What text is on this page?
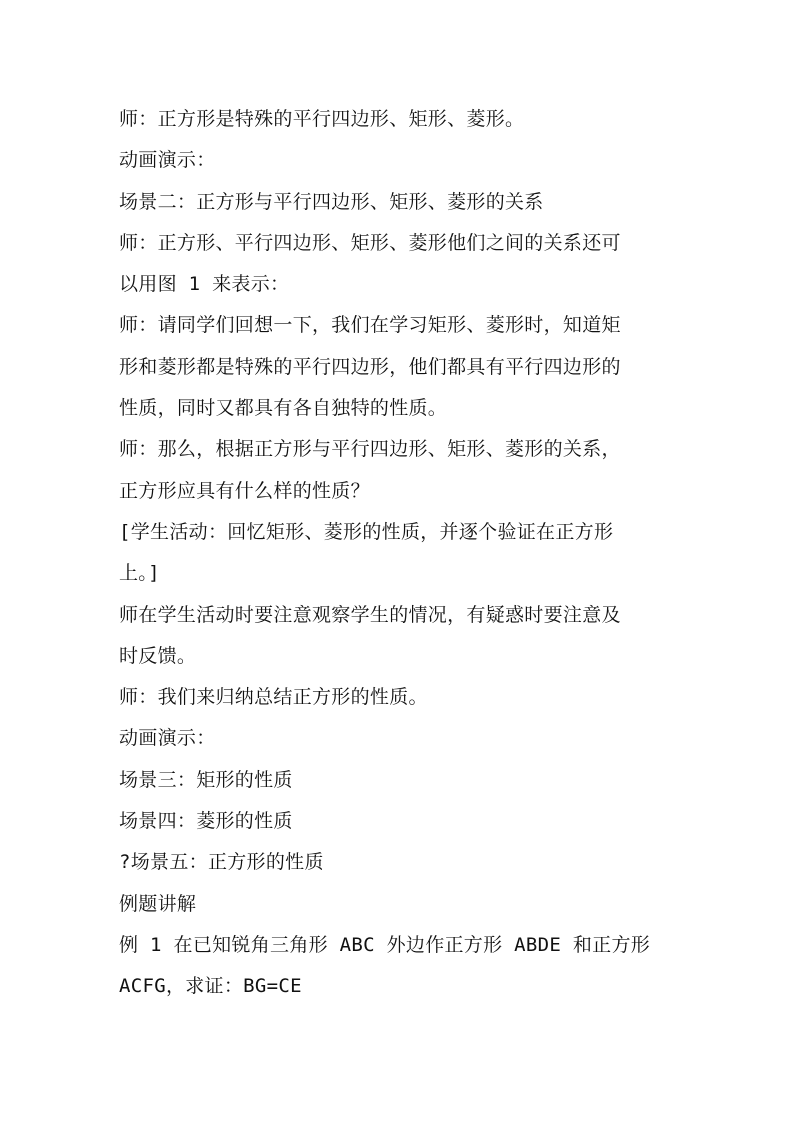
师：正方形是特殊的平行四边形、矩形、菱形。
动画演示：
场景二：正方形与平行四边形、矩形、菱形的关系
师：正方形、平行四边形、矩形、菱形他们之间的关系还可
以用图 1 来表示：
师：请同学们回想一下，我们在学习矩形、菱形时，知道矩
形和菱形都是特殊的平行四边形，他们都具有平行四边形的
性质，同时又都具有各自独特的性质。
师：那么，根据正方形与平行四边形、矩形、菱形的关系，
正方形应具有什么样的性质？
[学生活动：回忆矩形、菱形的性质，并逐个验证在正方形
上。]
师在学生活动时要注意观察学生的情况，有疑惑时要注意及
时反馈。
师：我们来归纳总结正方形的性质。
动画演示：
场景三：矩形的性质
场景四：菱形的性质
?场景五：正方形的性质
例题讲解
例 1 在已知锐角三角形 ABC 外边作正方形 ABDE 和正方形
ACFG，求证：BG=CE
